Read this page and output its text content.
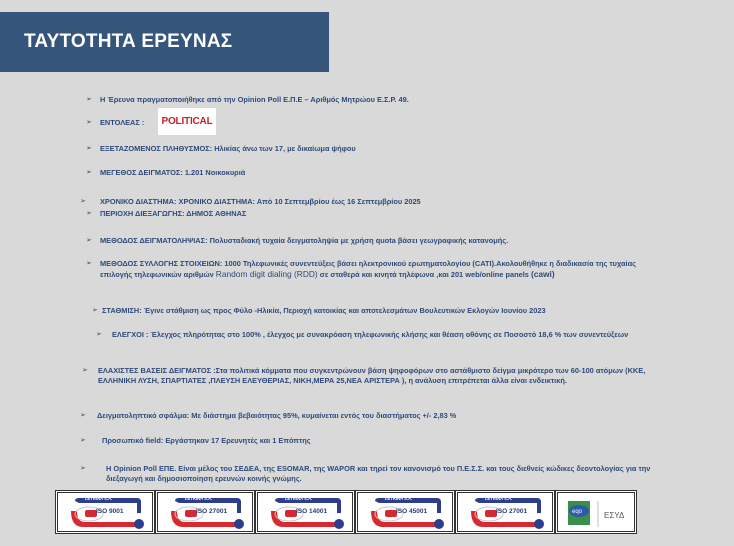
ΤΑΥΤΟΤΗΤΑ ΕΡΕΥΝΑΣ
➢	Η Έρευνα πραγματοποιήθηκε από την Opinion Poll Ε.Π.Ε – Αριθμός Μητρώου Ε.Σ.Ρ. 49.
➢	ΕΝΤΟΛΕΑΣ :	POLITICAL
➢	ΕΞΕΤΑΖΟΜΕΝΟΣ ΠΛΗΘΥΣΜΟΣ: Ηλικίας άνω των 17, με δικαίωμα ψήφου
➢	ΜΕΓΕΘΟΣ ΔΕΙΓΜΑΤΟΣ: 1.201 Νοικοκυριά
➢	ΧΡΟΝΙΚΟ ΔΙΑΣΤΗΜΑ: ΧΡΟΝΙΚΟ ΔΙΑΣΤΗΜΑ: Από 10 Σεπτεμβρίου έως 16 Σεπτεμβρίου 2025
➢	ΠΕΡΙΟΧΗ ΔΙΕΞΑΓΩΓΗΣ: ΔΗΜΟΣ ΑΘΗΝΑΣ
➢	ΜΕΘΟΔΟΣ ΔΕΙΓΜΑΤΟΛΗΨΙΑΣ: Πολυσταδιακή τυχαία δειγματοληψία με χρήση quota βάσει γεωγραφικής κατανομής.
➢	ΜΕΘΟΔΟΣ ΣΥΛΛΟΓΗΣ ΣΤΟΙΧΕΙΩΝ: 1000 Τηλεφωνικές συνεντεύξεις βάσει ηλεκτρονικού ερωτηματολογίου (CATI).Ακολουθήθηκε η διαδικασία της τυχαίας επιλογής τηλεφωνικών αριθμών Random digit dialing (RDD) σε σταθερά και κινητά τηλέφωνα ,και 201 web/online panels (cawi)
➢ ΣΤΑΘΜΙΣΗ: Έγινε στάθμιση ως προς Φύλο -Ηλικία, Περιοχή κατοικίας και αποτελεσμάτων Βουλευτικών Εκλογών Ιουνίου 2023
➢	ΕΛΕΓΧΟΙ : Έλεγχος πληρότητας στο 100% , έλεγχος με συνακρόαση τηλεφωνικής κλήσης και θέαση οθόνης σε Ποσοστό 18,6 % των συνεντεύξεων
➢	ΕΛΑΧΙΣΤΕΣ ΒΑΣΕΙΣ ΔΕΙΓΜΑΤΟΣ :Στα πολιτικά κόμματα που συγκεντρώνουν βάση ψηφοφόρων στο αστάθμιστο δείγμα μικρότερο των 60-100 ατόμων (ΚΚΕ, ΕΛΛΗΝΙΚΗ ΛΥΣΗ, ΣΠΑΡΤΙΑΤΕΣ ,ΠΛΕΥΣΗ ΕΛΕΥΘΕΡΙΑΣ, ΝΙΚΗ,ΜΕΡΑ 25,ΝΕΑ ΑΡΙΣΤΕΡΑ ), η ανάλυση επιτρέπεται άλλα είναι ενδεικτική.
➢	Δειγματοληπτικό σφάλμα: Με διάστημα βεβαιότητας 95%, κυμαίνεται εντός του διαστήματος +/- 2,83 %
➢	Προσωπικό field: Εργάστηκαν 17 Ερευνητές και 1 Επόπτης
➢	Η Opinion Poll ΕΠΕ. Είναι μέλος του ΣΕΔΕΑ, της ESOMAR, της WAPOR και τηρεί τον κανονισμό του Π.Ε.Σ.Σ. και τους διεθνείς κώδικες δεοντολογίας για την διεξαγωγή και δημοσιοποίηση ερευνών κοινής γνώμης.
LETRINA S.A.
ISO 9001
LETRINA S.A.
ISO 27001
LETRINA S.A.
ISO 14001
LETRINA S.A.
ISO 45001
LETRINA S.A.
ISO 27001	eqo	ΕΣΥΔ
